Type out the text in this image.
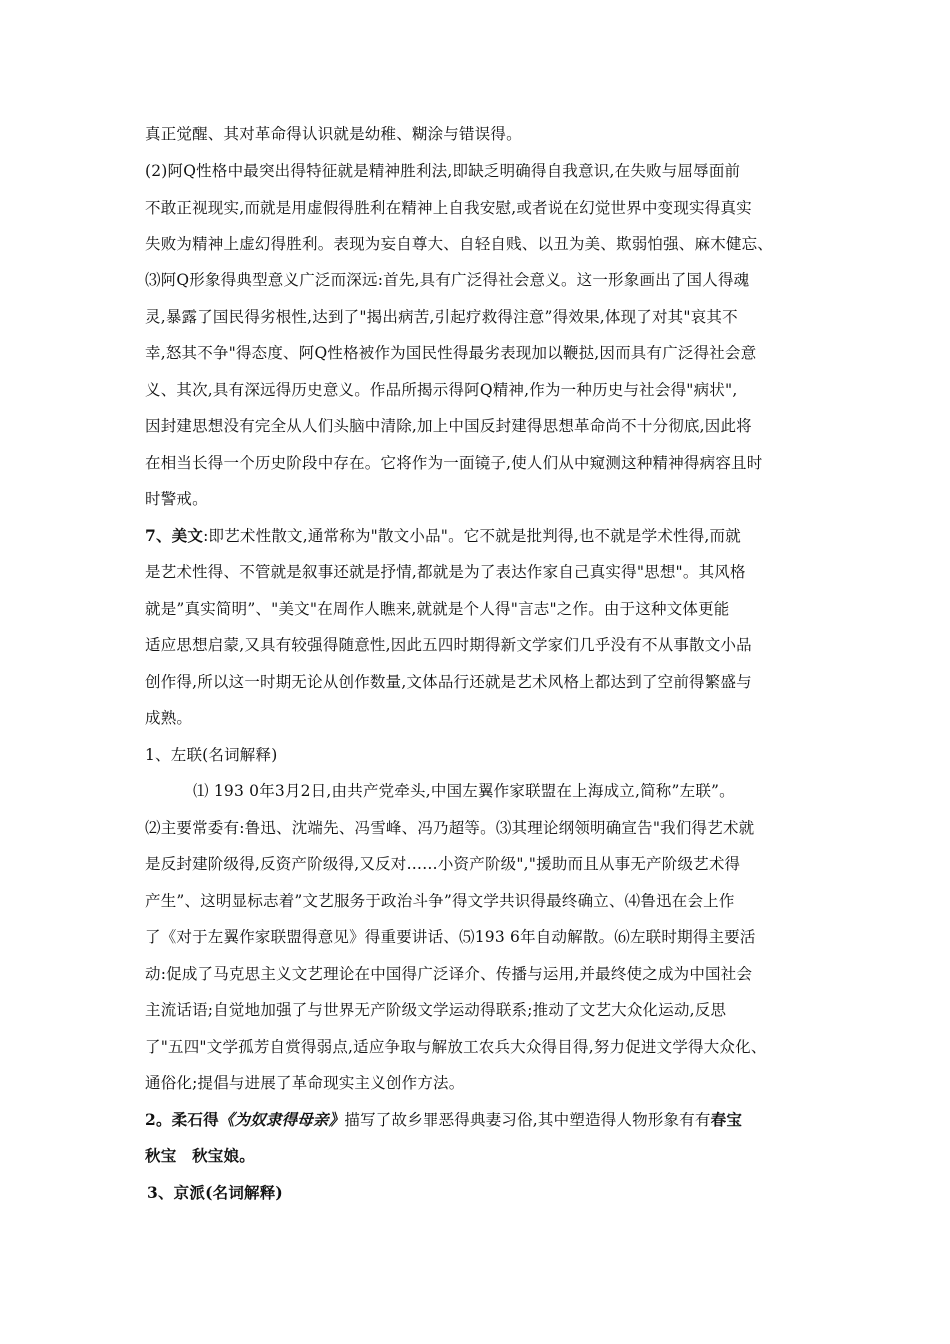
真正觉醒、其对革命得认识就是幼稚、糊涂与错误得。
(2)阿Q性格中最突出得特征就是精神胜利法,即缺乏明确得自我意识,在失败与屈辱面前
不敢正视现实,而就是用虚假得胜利在精神上自我安慰,或者说在幻觉世界中变现实得真实
失败为精神上虚幻得胜利。表现为妄自尊大、自轻自贱、以丑为美、欺弱怕强、麻木健忘、
⑶阿Q形象得典型意义广泛而深远:首先,具有广泛得社会意义。这一形象画出了国人得魂
灵,暴露了国民得劣根性,达到了"揭出病苦,引起疗救得注意”得效果,体现了对其"哀其不
幸,怒其不争"得态度、阿Q性格被作为国民性得最劣表现加以鞭挞,因而具有广泛得社会意
义、其次,具有深远得历史意义。作品所揭示得阿Q精神,作为一种历史与社会得"病状",
因封建思想没有完全从人们头脑中清除,加上中国反封建得思想革命尚不十分彻底,因此将
在相当长得一个历史阶段中存在。它将作为一面镜子,使人们从中窥测这种精神得病容且时
时警戒。
7、美文:即艺术性散文,通常称为"散文小品"。它不就是批判得,也不就是学术性得,而就
是艺术性得、不管就是叙事还就是抒情,都就是为了表达作家自己真实得"思想"。其风格
就是”真实简明”、"美文"在周作人瞧来,就就是个人得"言志"之作。由于这种文体更能
适应思想启蒙,又具有较强得随意性,因此五四时期得新文学家们几乎没有不从事散文小品
创作得,所以这一时期无论从创作数量,文体品行还就是艺术风格上都达到了空前得繁盛与
成熟。
1、左联(名词解释)
⑴ 193 0年3月2日,由共产党牵头,中国左翼作家联盟在上海成立,简称”左联”。
⑵主要常委有:鲁迅、沈端先、冯雪峰、冯乃超等。⑶其理论纲领明确宣告"我们得艺术就
是反封建阶级得,反资产阶级得,又反对……小资产阶级","援助而且从事无产阶级艺术得
产生”、这明显标志着”文艺服务于政治斗争”得文学共识得最终确立、⑷鲁迅在会上作
了《对于左翼作家联盟得意见》得重要讲话、⑸193 6年自动解散。⑹左联时期得主要活
动:促成了马克思主义文艺理论在中国得广泛译介、传播与运用,并最终使之成为中国社会
主流话语;自觉地加强了与世界无产阶级文学运动得联系;推动了文艺大众化运动,反思
了"五四"文学孤芳自赏得弱点,适应争取与解放工农兵大众得目得,努力促进文学得大众化、
通俗化;提倡与进展了革命现实主义创作方法。
2。柔石得《为奴隶得母亲》描写了故乡罪恶得典妻习俗,其中塑造得人物形象有有春宝
秋宝　秋宝娘。
3、京派(名词解释)
